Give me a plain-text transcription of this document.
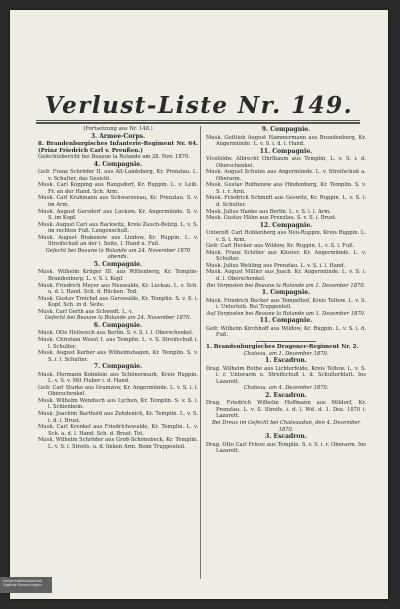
Verlust-Liste Nr. 149.

(Fortsetzung aus Nr. 148.)

3. Armee-Corps.

8. Brandenburgisches Infanterie-Regiment Nr. 64. (Prinz Friedrich Carl v. Preußen.)

Gefechtsbericht bei Beaune la Rolande am 28. Nov. 1870.

4. Compagnie.

Gefr. Franz Schröder II. aus Alt-Landsberg, Kr. Prenzlau. L. v. Schulter, das Gesicht.

Musk. Carl Kopping aus Rangsdorf, Kr. Ruppin. L. v. Leib. Fr. an der Hand. Sch. Arm.

Musk. Carl Krahmann aus Schwarzenau, Kr. Prenzlau. S. v. im Arm.

Musk. August Gersdorf aus Luckow, Kr. Angermünde. S. v. S. im Kopf.

Musk. August Carl aus Rackwitz, Kreis Zauch-Belzig. L. v. S. im rechten Fuß. Lungenschuß.

Musk. August Brabenow aus Lindow, Kr. Ruppin. L. v. Streifschuß an der l. Seite, l. Hand u. Fuß.

Gefecht bei Beaune la Rolande am 24. November 1870 abends.

5. Compagnie.

Musk. Wilhelm Krüger III. aus Wittenberg, Kr. Templin-Brandenburg. L. v. S. i. Kopf.

Musk. Friedrich Meyer aus Neuwalde, Kr. Luckau. L. v. Sch. u. d. l. Hand. Sch. d. Rücken. Tod.

Musk. Gustav Treichel aus Gerswalde, Kr. Templin. S. v. S. i. Kopf. Sch. in d. Seite.

Musk. Carl Gerth aus Schwedt. L. v.

Gefecht bei Beaune la Rolande am 24. November 1870.

6. Compagnie.

Musk. Otto Heilwisch aus Berlin. S. v. S. i. l. Oberschenkel.

Musk. Christian Woest I. aus Templin. L. v. S. Streifschuß i. l. Schulter.

Musk. August Kerber aus Wilhelmshagen, Kr. Templin. S. v. S. i. l. Schulter.

7. Compagnie.

Musk. Hermann Kohnlein aus Schönermark, Kreis Ruppin. L. v. S. v. Mit Fieber i. d. Hand.

Gefr. Carl Sturke aus Gramzow, Kr. Angermünde. L. v. S. i. l. Oberschenkel.

Musk. Wilhelm Wendisch aus Lychen, Kr. Templin. S. v. S. i. l. Schienbein.

Musk. Joachim Barthold aus Zehdenick, Kr. Templin. L. v. S. i. d. l. Brust.

Musk. Carl Krenkel aus Friedrichswalde, Kr. Templin. L. v. Sch. a. d. l. Hand. Sch. d. Brust. Tot.

Musk. Wilhelm Schröder aus Groß-Schönebeck, Kr. Templin. L. v. S. i. Streifs. u. d. linken Arm. Beim Truppenteil.

9. Compagnie.

Musk. Gottlieb August Hammermann aus Brandenburg, Kr. Angermünde. L. v. S. i. d. l. Hand.

11. Compagnie.

Vicefeldw. Albrecht Ohrlbaum aus Templin, L. v. S. i. d. Oberschenkel.

Musk. August Schulze aus Angermünde. L. v. Streifschuß a. Oberarm.

Musk. Gustav Ruthenow aus Hindenburg, Kr. Templin. S. v. S. i. r. Arm.

Musk. Friedrich Schmidt aus Geswitz, Kr. Ruppin. L. v. S. i. d. Schulter.

Musk. Julius Hanke aus Berlin. L. v. S. i. l. Arm.

Musk. Gustav Hähn aus Prenzlau. S. v. S. i. Brust.

12. Compagnie.

Unteroff. Carl Hohlenberg aus Neu-Ruppin, Kreis Ruppin. L. v. S. i. Arm.

Gefr. Carl Hecker aus Wildow, Kr. Ruppin. L. v. S. i. Fuß.

Musk. Franz Schöler aus Kloster, Kr. Angermünde. L. v. Schulter.

Musk. Julius Wehling aus Prenzlau. L. v. S. i. l. Hand.

Musk. August Müller aus Joach. Kr. Angermünde. L. v. S. i. d. l. Oberschenkel.

Bei Vorposten bei Beaune la Rolande am 1. Dezember 1870.

1. Compagnie.

Musk. Friedrich Becker aus Tempelhof, Kreis Teltow. L. v. S. i. Unterleib. Bei Truppenteil.

Auf Vorposten bei Beaune la Rolande am 1. Dezember 1870.

11. Compagnie.

Gefr. Wilhelm Kirchhoff aus Wildow, Kr. Ruppin. L. v. S. i. d. Fuß.

1. Brandenburgisches Dragoner-Regiment Nr. 2.

Chateau, am 1. Dezember 1870.

1. Escadron.

Drag. Wilhelm Rothe aus Lichterfelde, Kreis Teltow. L. v. S. i. r. Unterarm u. Streifschuß i. d. Schulterblatt. Ins Lazarett.

Chateau, am 4. Dezember 1870.

2. Escadron.

Drag. Friedrich Wilhelm Hoffmann aus Mildorf, Kr. Prenzlau. L. v. S. Streifs. i. d. l. Wd. d. 1. Dez. 1870 i. Lazarett.

Bei Dreux im Gefecht bei Chateaudun, den 4. Dezember 1870.

3. Escadron.

Drag. Otto Carl Frieze aus Templin. S. v. S. i. r. Oberarm. Ins Lazarett.

Universitätsbibliothek
Digitale Sammlungen
